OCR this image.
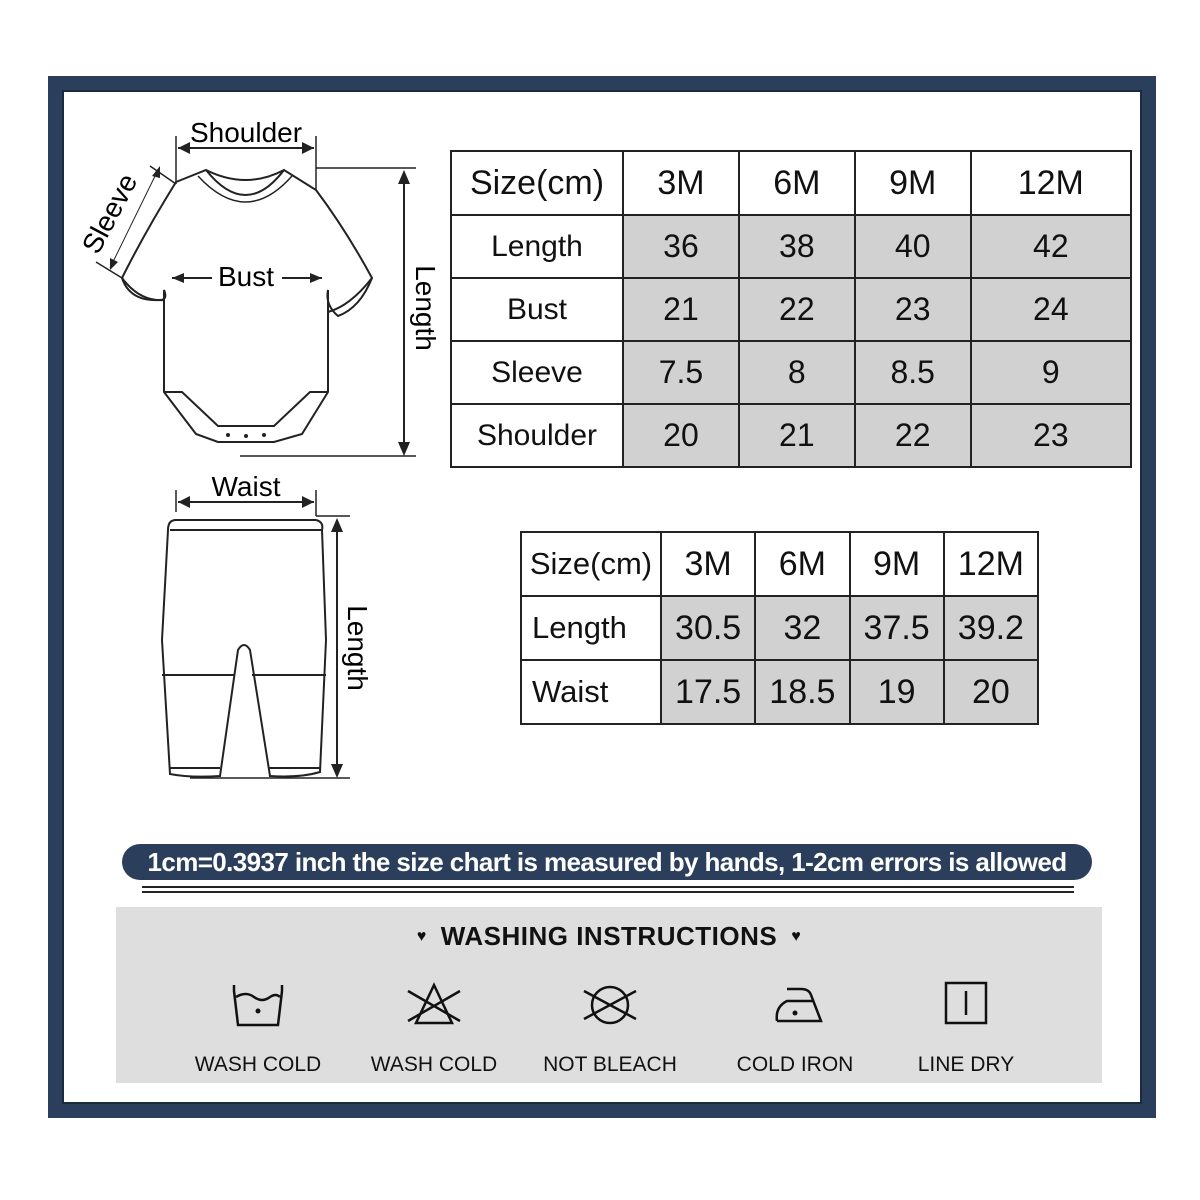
Shoulder
Bust
Sleeve
Length
Waist
Length
Size(cm)	3M	6M	9M	12M
Length	36	38	40	42
Bust	21	22	23	24
Sleeve	7.5	8	8.5	9
Shoulder	20	21	22	23
Size(cm)	3M	6M	9M	12M
Length	30.5	32	37.5	39.2
Waist	17.5	18.5	19	20
1cm=0.3937 inch the size chart is measured by hands, 1-2cm errors is allowed
♥ WASHING INSTRUCTIONS ♥
WASH COLD	WASH COLD	NOT BLEACH	COLD IRON	LINE DRY
